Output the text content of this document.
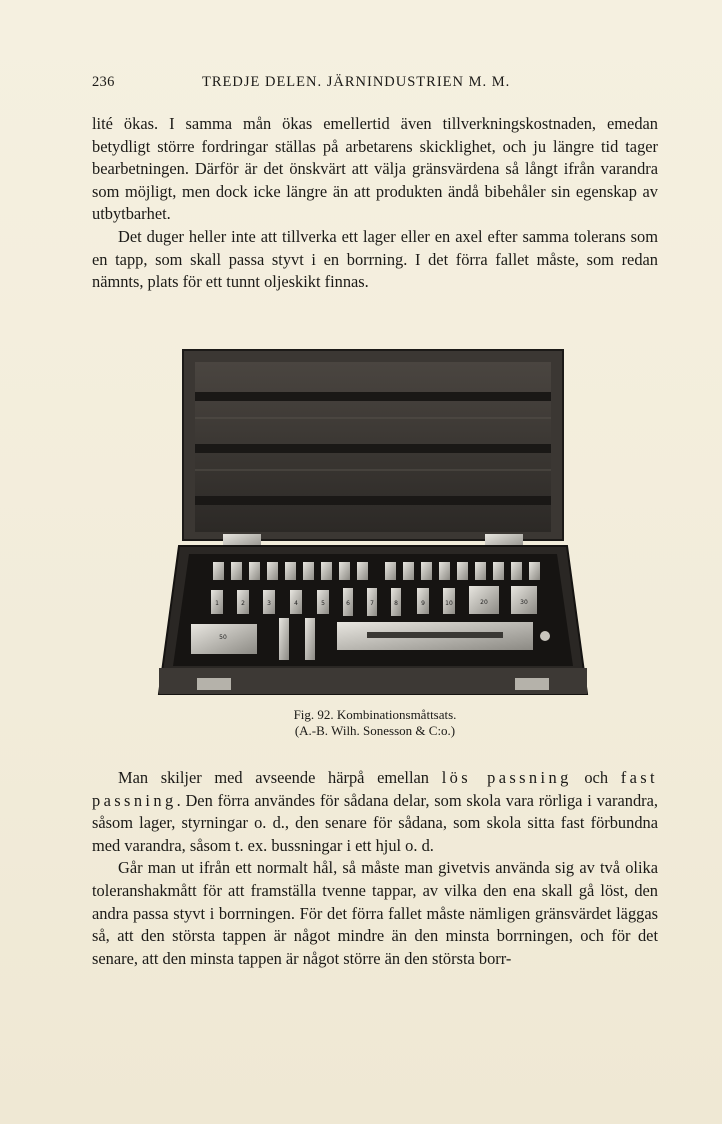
236	TREDJE DELEN. JÄRNINDUSTRIEN M. M.

lité ökas. I samma mån ökas emellertid även tillverkningskostnaden, emedan betydligt större fordringar ställas på arbetarens skicklighet, och ju längre tid tager bearbetningen. Därför är det önskvärt att välja gränsvärdena så långt ifrån varandra som möjligt, men dock icke längre än att produkten ändå bibehåler sin egenskap av utbytbarhet.

Det duger heller inte att tillverka ett lager eller en axel efter samma tolerans som en tapp, som skall passa styvt i en borrning. I det förra fallet måste, som redan nämnts, plats för ett tunnt oljeskikt finnas.

1	2	3	4	5	6	7	8	9	10	20	30
50
Fig. 92. Kombinationsmåttsats.
(A.-B. Wilh. Sonesson & C:o.)

Man skiljer med avseende härpå emellan lös passning och fast passning. Den förra användes för sådana delar, som skola vara rörliga i varandra, såsom lager, styrningar o. d., den senare för sådana, som skola sitta fast förbundna med varandra, såsom t. ex. bussningar i ett hjul o. d.

Går man ut ifrån ett normalt hål, så måste man givetvis använda sig av två olika toleranshakmått för att framställa tvenne tappar, av vilka den ena skall gå löst, den andra passa styvt i borrningen. För det förra fallet måste nämligen gränsvärdet läggas så, att den största tappen är något mindre än den minsta borrningen, och för det senare, att den minsta tappen är något större än den största borr-
